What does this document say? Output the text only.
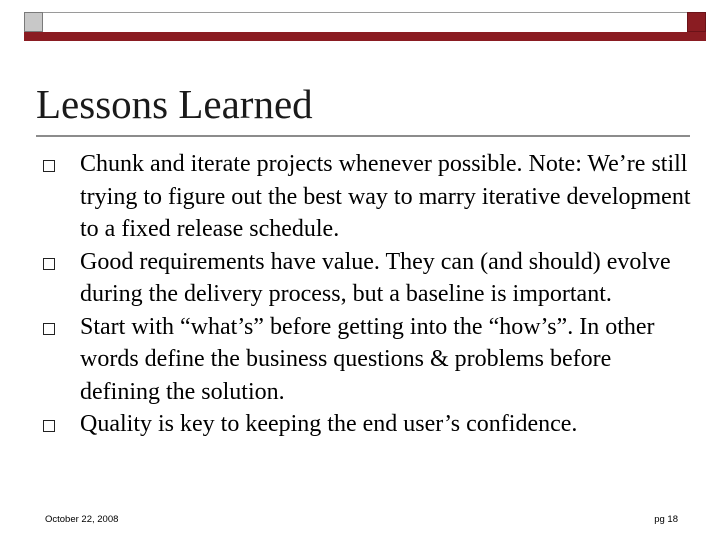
Lessons Learned
Chunk and iterate projects whenever possible. Note: We’re still trying to figure out the best way to marry iterative development to a fixed release schedule.
Good requirements have value. They can (and should) evolve during the delivery process, but a baseline is important.
Start with “what’s” before getting into the “how’s”. In other words define the business questions & problems before defining the solution.
Quality is key to keeping the end user’s confidence.
October 22, 2008	pg 18
